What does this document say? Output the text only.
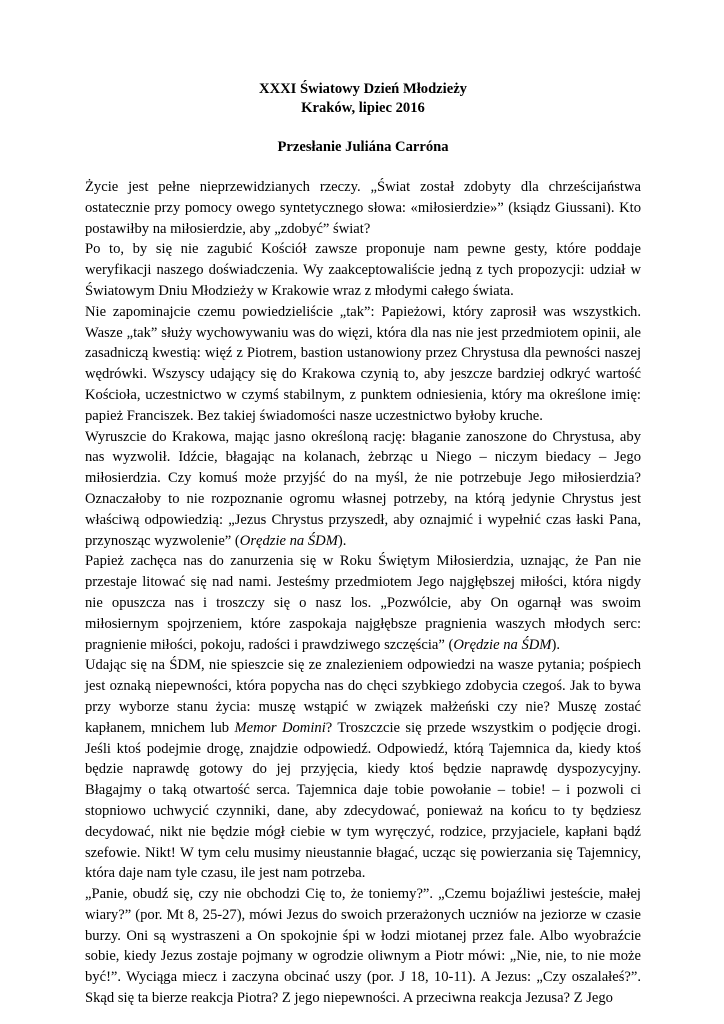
XXXI Światowy Dzień Młodzieży
Kraków, lipiec 2016
Przesłanie Juliána Carróna

Życie jest pełne nieprzewidzianych rzeczy. „Świat został zdobyty dla chrześcijaństwa ostatecznie przy pomocy owego syntetycznego słowa: «miłosierdzie»” (ksiądz Giussani). Kto postawiłby na miłosierdzie, aby „zdobyć” świat?

Po to, by się nie zagubić Kościół zawsze proponuje nam pewne gesty, które poddaje weryfikacji naszego doświadczenia. Wy zaakceptowaliście jedną z tych propozycji: udział w Światowym Dniu Młodzieży w Krakowie wraz z młodymi całego świata.

Nie zapominajcie czemu powiedzieliście „tak”: Papieżowi, który zaprosił was wszystkich. Wasze „tak” służy wychowywaniu was do więzi, która dla nas nie jest przedmiotem opinii, ale zasadniczą kwestią: więź z Piotrem, bastion ustanowiony przez Chrystusa dla pewności naszej wędrówki. Wszyscy udający się do Krakowa czynią to, aby jeszcze bardziej odkryć wartość Kościoła, uczestnictwo w czymś stabilnym, z punktem odniesienia, który ma określone imię: papież Franciszek. Bez takiej świadomości nasze uczestnictwo byłoby kruche.

Wyruszcie do Krakowa, mając jasno określoną rację: błaganie zanoszone do Chrystusa, aby nas wyzwolił. Idźcie, błagając na kolanach, żebrząc u Niego – niczym biedacy – Jego miłosierdzia. Czy komuś może przyjść do na myśl, że nie potrzebuje Jego miłosierdzia? Oznaczałoby to nie rozpoznanie ogromu własnej potrzeby, na którą jedynie Chrystus jest właściwą odpowiedzią: „Jezus Chrystus przyszedł, aby oznajmić i wypełnić czas łaski Pana, przynosząc wyzwolenie” (Orędzie na ŚDM).

Papież zachęca nas do zanurzenia się w Roku Świętym Miłosierdzia, uznając, że Pan nie przestaje litować się nad nami. Jesteśmy przedmiotem Jego najgłębszej miłości, która nigdy nie opuszcza nas i troszczy się o nasz los. „Pozwólcie, aby On ogarnął was swoim miłosiernym spojrzeniem, które zaspokaja najgłębsze pragnienia waszych młodych serc: pragnienie miłości, pokoju, radości i prawdziwego szczęścia” (Orędzie na ŚDM).

Udając się na ŚDM, nie spieszcie się ze znalezieniem odpowiedzi na wasze pytania; pośpiech jest oznaką niepewności, która popycha nas do chęci szybkiego zdobycia czegoś. Jak to bywa przy wyborze stanu życia: muszę wstąpić w związek małżeński czy nie? Muszę zostać kapłanem, mnichem lub Memor Domini? Troszczcie się przede wszystkim o podjęcie drogi. Jeśli ktoś podejmie drogę, znajdzie odpowiedź. Odpowiedź, którą Tajemnica da, kiedy ktoś będzie naprawdę gotowy do jej przyjęcia, kiedy ktoś będzie naprawdę dyspozycyjny. Błagajmy o taką otwartość serca. Tajemnica daje tobie powołanie – tobie! – i pozwoli ci stopniowo uchwycić czynniki, dane, aby zdecydować, ponieważ na końcu to ty będziesz decydować, nikt nie będzie mógł ciebie w tym wyręczyć, rodzice, przyjaciele, kapłani bądź szefowie. Nikt! W tym celu musimy nieustannie błagać, ucząc się powierzania się Tajemnicy, która daje nam tyle czasu, ile jest nam potrzeba.

„Panie, obudź się, czy nie obchodzi Cię to, że toniemy?”. „Czemu bojaźliwi jesteście, małej wiary?” (por. Mt 8, 25-27), mówi Jezus do swoich przerażonych uczniów na jeziorze w czasie burzy. Oni są wystraszeni a On spokojnie śpi w łodzi miotanej przez fale. Albo wyobraźcie sobie, kiedy Jezus zostaje pojmany w ogrodzie oliwnym a Piotr mówi: „Nie, nie, to nie może być!”. Wyciąga miecz i zaczyna obcinać uszy (por. J 18, 10-11). A Jezus: „Czy oszalałeś?”. Skąd się ta bierze reakcja Piotra? Z jego niepewności. A przeciwna reakcja Jezusa? Z Jego
